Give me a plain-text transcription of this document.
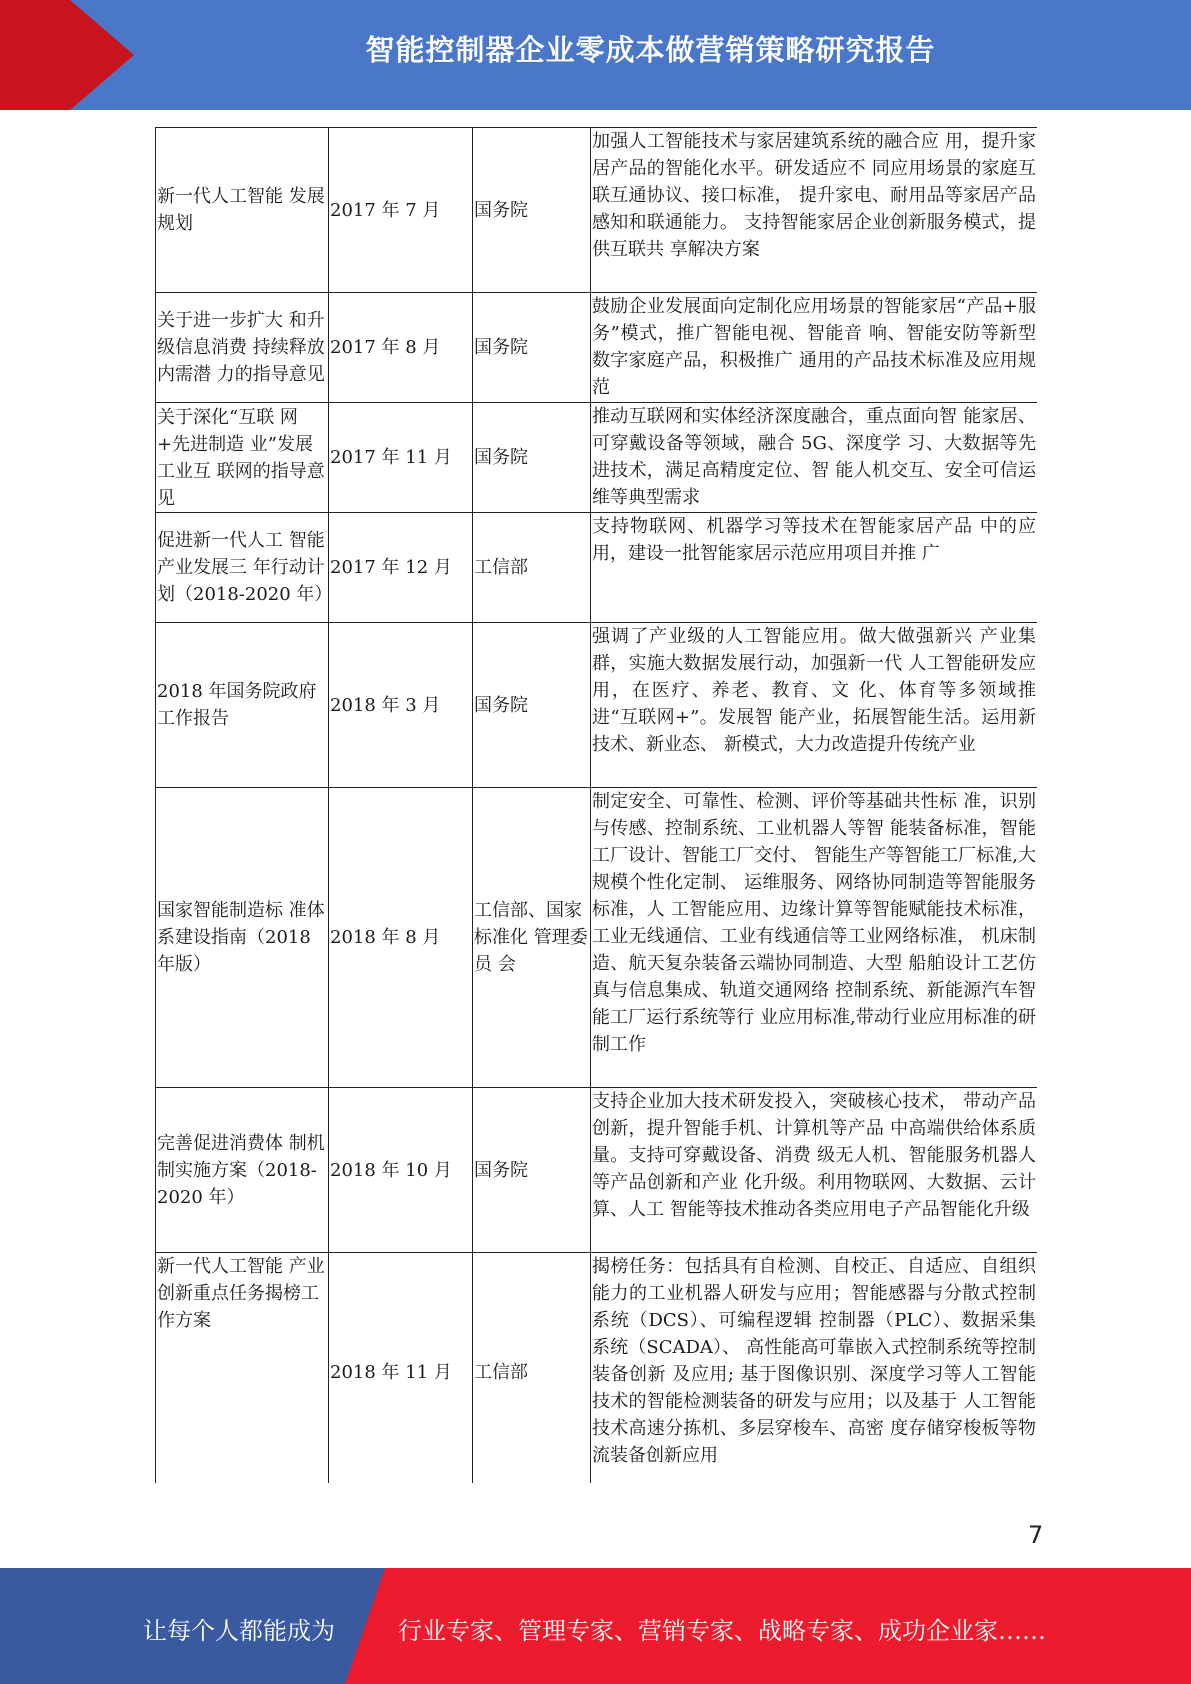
智能控制器企业零成本做营销策略研究报告
新一代人工智能 发展规划	2017 年 7 月	国务院	加强人工智能技术与家居建筑系统的融合应 用，提升家居产品的智能化水平。研发适应不 同应用场景的家庭互联互通协议、接口标准， 提升家电、耐用品等家居产品感知和联通能力。 支持智能家居企业创新服务模式，提供互联共 享解决方案
关于进一步扩大 和升级信息消费 持续释放内需潜 力的指导意见	2017 年 8 月	国务院	鼓励企业发展面向定制化应用场景的智能家居“产品+服务”模式，推广智能电视、智能音 响、智能安防等新型数字家庭产品，积极推广 通用的产品技术标准及应用规范
关于深化“互联 网+先进制造 业”发展工业互 联网的指导意见	2017 年 11 月	国务院	推动互联网和实体经济深度融合，重点面向智 能家居、可穿戴设备等领域，融合 5G、深度学 习、大数据等先进技术，满足高精度定位、智 能人机交互、安全可信运维等典型需求
促进新一代人工 智能产业发展三 年行动计划（2018-2020 年）	2017 年 12 月	工信部	支持物联网、机器学习等技术在智能家居产品 中的应用，建设一批智能家居示范应用项目并推 广
2018 年国务院政府工作报告	2018 年 3 月	国务院	强调了产业级的人工智能应用。做大做强新兴 产业集群，实施大数据发展行动，加强新一代 人工智能研发应用，在医疗、养老、教育、文 化、体育等多领域推进“互联网+”。发展智 能产业，拓展智能生活。运用新技术、新业态、 新模式，大力改造提升传统产业
国家智能制造标 准体系建设指南（2018 年版）	2018 年 8 月	工信部、国家标准化 管理委员 会	制定安全、可靠性、检测、评价等基础共性标 准，识别与传感、控制系统、工业机器人等智 能装备标准，智能工厂设计、智能工厂交付、 智能生产等智能工厂标准,大规模个性化定制、 运维服务、网络协同制造等智能服务标准，人 工智能应用、边缘计算等智能赋能技术标准， 工业无线通信、工业有线通信等工业网络标准， 机床制造、航天复杂装备云端协同制造、大型 船舶设计工艺仿真与信息集成、轨道交通网络 控制系统、新能源汽车智能工厂运行系统等行 业应用标准,带动行业应用标准的研制工作
完善促进消费体 制机制实施方案（2018-2020 年）	2018 年 10 月	国务院	支持企业加大技术研发投入，突破核心技术， 带动产品创新，提升智能手机、计算机等产品 中高端供给体系质量。支持可穿戴设备、消费 级无人机、智能服务机器人等产品创新和产业 化升级。利用物联网、大数据、云计算、人工 智能等技术推动各类应用电子产品智能化升级
新一代人工智能 产业创新重点任务揭榜工作方案	2018 年 11 月	工信部	揭榜任务：包括具有自检测、自校正、自适应、自组织能力的工业机器人研发与应用；智能感器与分散式控制系统（DCS）、可编程逻辑 控制器（PLC）、数据采集系统（SCADA）、 高性能高可靠嵌入式控制系统等控制装备创新 及应用; 基于图像识别、深度学习等人工智能 技术的智能检测装备的研发与应用；以及基于 人工智能技术高速分拣机、多层穿梭车、高密 度存储穿梭板等物流装备创新应用
7
让每个人都能成为	行业专家、管理专家、营销专家、战略专家、成功企业家……
